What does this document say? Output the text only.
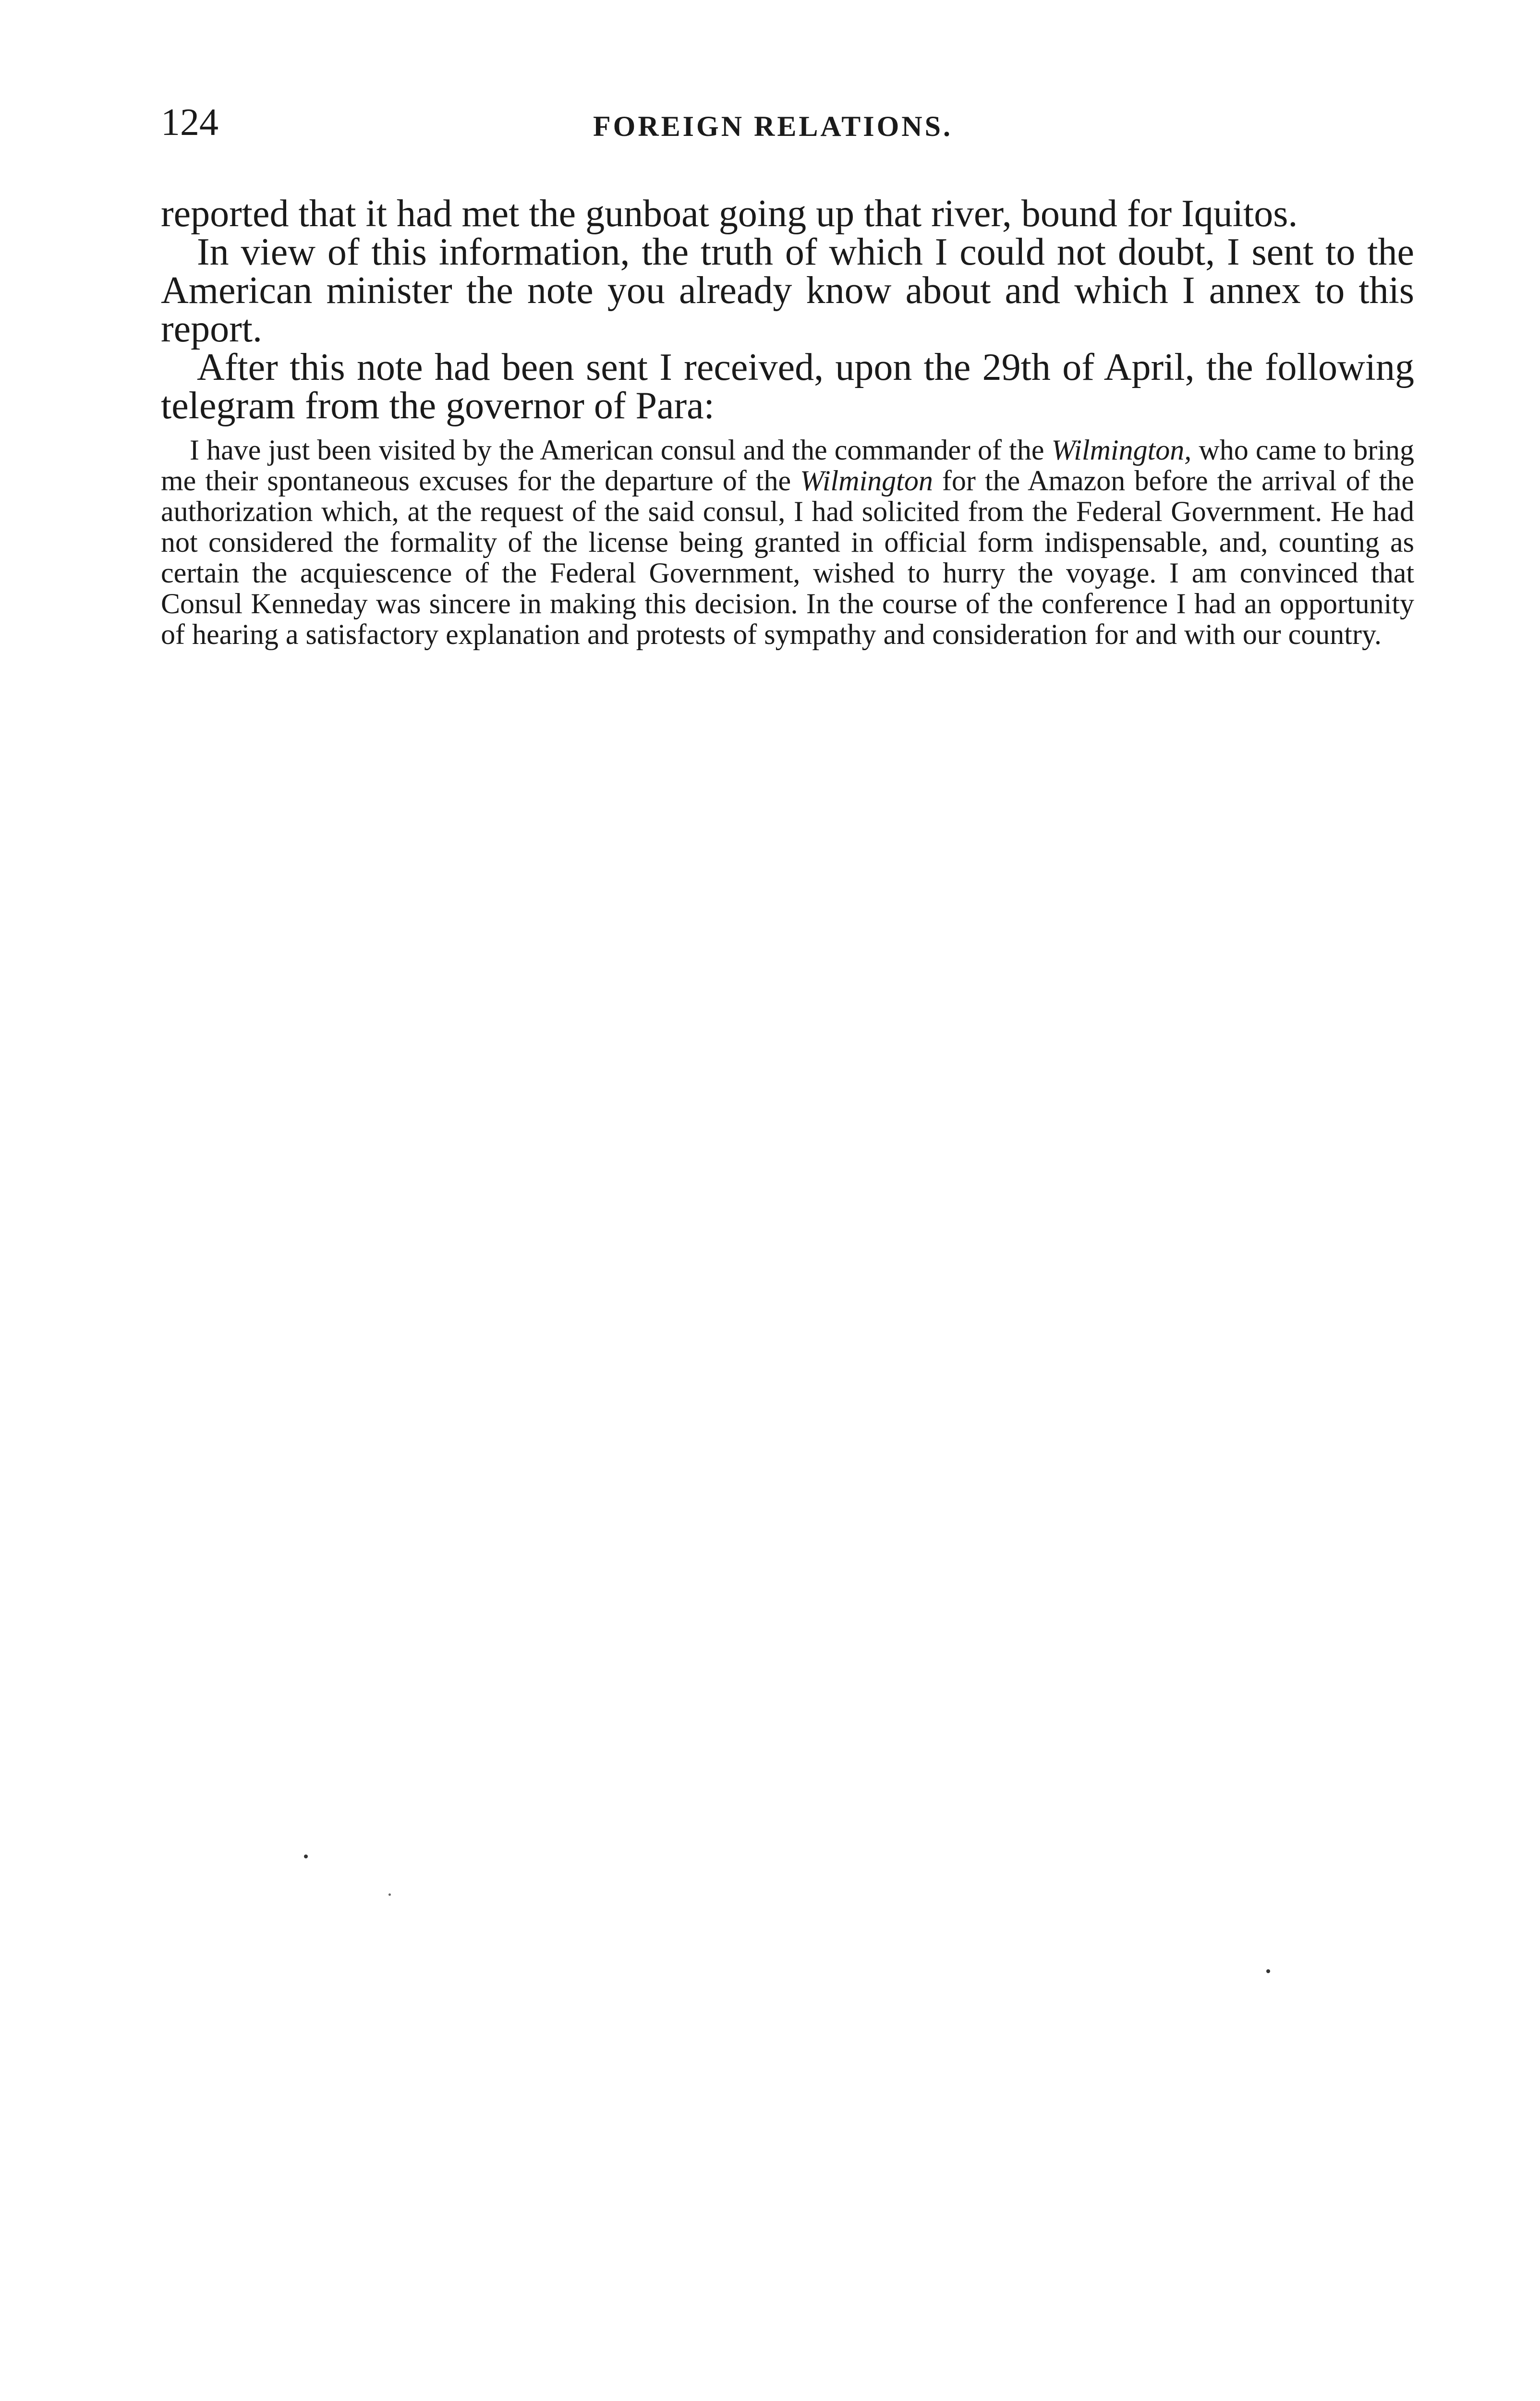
124	FOREIGN RELATIONS.

reported that it had met the gunboat going up that river, bound for Iquitos.

In view of this information, the truth of which I could not doubt, I sent to the American minister the note you already know about and which I annex to this report.

After this note had been sent I received, upon the 29th of April, the following telegram from the governor of Para:

I have just been visited by the American consul and the commander of the Wilmington, who came to bring me their spontaneous excuses for the departure of the Wilmington for the Amazon before the arrival of the authorization which, at the request of the said consul, I had solicited from the Federal Government. He had not considered the formality of the license being granted in official form indispensable, and, counting as certain the acquiescence of the Federal Government, wished to hurry the voyage. I am convinced that Consul Kenneday was sincere in making this decision. In the course of the conference I had an opportunity of hearing a satisfactory explanation and protests of sympathy and consideration for and with our country.
